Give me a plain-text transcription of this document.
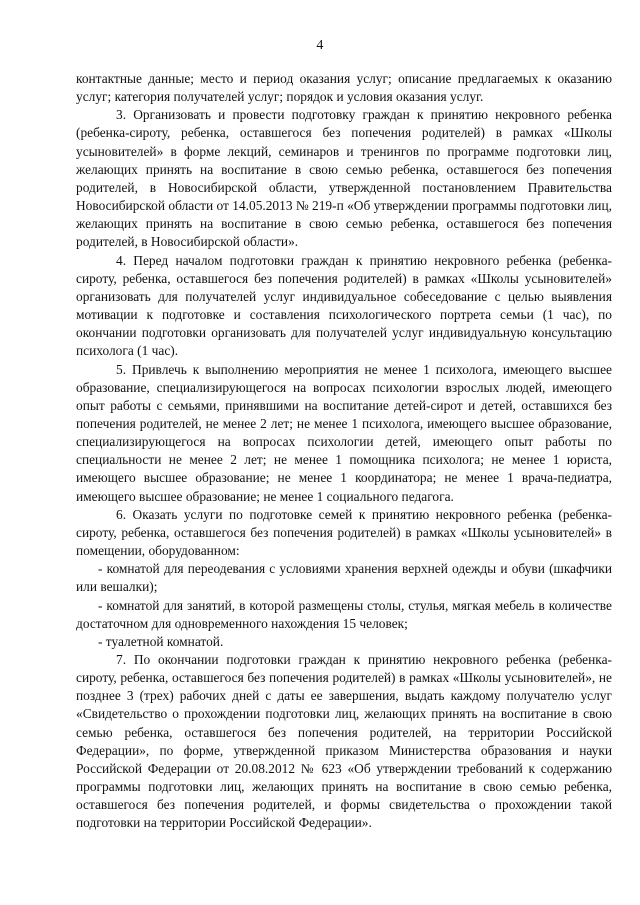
4

контактные данные; место и период оказания услуг; описание предлагаемых к оказанию услуг; категория получателей услуг; порядок и условия оказания услуг.

3. Организовать и провести подготовку граждан к принятию некровного ребенка (ребенка-сироту, ребенка, оставшегося без попечения родителей) в рамках «Школы усыновителей» в форме лекций, семинаров и тренингов по программе подготовки лиц, желающих принять на воспитание в свою семью ребенка, оставшегося без попечения родителей, в Новосибирской области, утвержденной постановлением Правительства Новосибирской области от 14.05.2013 № 219-п «Об утверждении программы подготовки лиц, желающих принять на воспитание в свою семью ребенка, оставшегося без попечения родителей, в Новосибирской области».

4. Перед началом подготовки граждан к принятию некровного ребенка (ребенка-сироту, ребенка, оставшегося без попечения родителей) в рамках «Школы усыновителей» организовать для получателей услуг индивидуальное собеседование с целью выявления мотивации к подготовке и составления психологического портрета семьи (1 час), по окончании подготовки организовать для получателей услуг индивидуальную консультацию психолога (1 час).

5. Привлечь к выполнению мероприятия не менее 1 психолога, имеющего высшее образование, специализирующегося на вопросах психологии взрослых людей, имеющего опыт работы с семьями, принявшими на воспитание детей-сирот и детей, оставшихся без попечения родителей, не менее 2 лет; не менее 1 психолога, имеющего высшее образование, специализирующегося на вопросах психологии детей, имеющего опыт работы по специальности не менее 2 лет; не менее 1 помощника психолога; не менее 1 юриста, имеющего высшее образование; не менее 1 координатора; не менее 1 врача-педиатра, имеющего высшее образование; не менее 1 социального педагога.

6. Оказать услуги по подготовке семей к принятию некровного ребенка (ребенка-сироту, ребенка, оставшегося без попечения родителей) в рамках «Школы усыновителей» в помещении, оборудованном:

- комнатой для переодевания с условиями хранения верхней одежды и обуви (шкафчики или вешалки);

- комнатой для занятий, в которой размещены столы, стулья, мягкая мебель в количестве достаточном для одновременного нахождения 15 человек;

- туалетной комнатой.

7. По окончании подготовки граждан к принятию некровного ребенка (ребенка-сироту, ребенка, оставшегося без попечения родителей) в рамках «Школы усыновителей», не позднее 3 (трех) рабочих дней с даты ее завершения, выдать каждому получателю услуг «Свидетельство о прохождении подготовки лиц, желающих принять на воспитание в свою семью ребенка, оставшегося без попечения родителей, на территории Российской Федерации», по форме, утвержденной приказом Министерства образования и науки Российской Федерации от 20.08.2012 № 623 «Об утверждении требований к содержанию программы подготовки лиц, желающих принять на воспитание в свою семью ребенка, оставшегося без попечения родителей, и формы свидетельства о прохождении такой подготовки на территории Российской Федерации».
